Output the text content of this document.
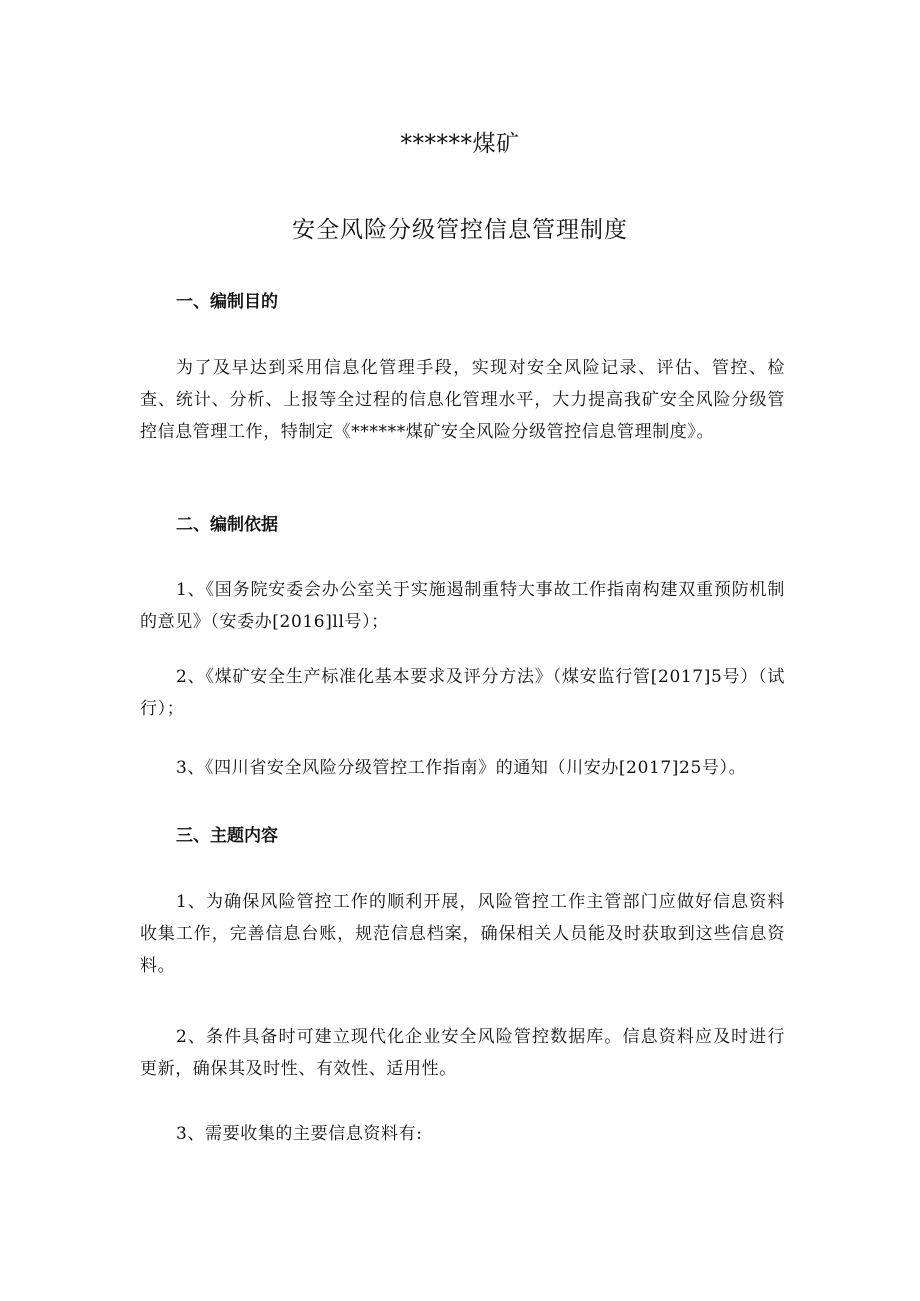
******煤矿
安全风险分级管控信息管理制度
一、编制目的
为了及早达到采用信息化管理手段，实现对安全风险记录、评估、管控、检查、统计、分析、上报等全过程的信息化管理水平，大力提高我矿安全风险分级管控信息管理工作，特制定《******煤矿安全风险分级管控信息管理制度》。
二、编制依据
1、《国务院安委会办公室关于实施遏制重特大事故工作指南构建双重预防机制的意见》（安委办[2016]ll号）；
2、《煤矿安全生产标准化基本要求及评分方法》（煤安监行管[2017]5号）（试行）；
3、《四川省安全风险分级管控工作指南》的通知（川安办[2017]25号）。
三、主题内容
1、为确保风险管控工作的顺利开展，风险管控工作主管部门应做好信息资料收集工作，完善信息台账，规范信息档案，确保相关人员能及时获取到这些信息资料。
2、条件具备时可建立现代化企业安全风险管控数据库。信息资料应及时进行更新，确保其及时性、有效性、适用性。
3、需要收集的主要信息资料有:
